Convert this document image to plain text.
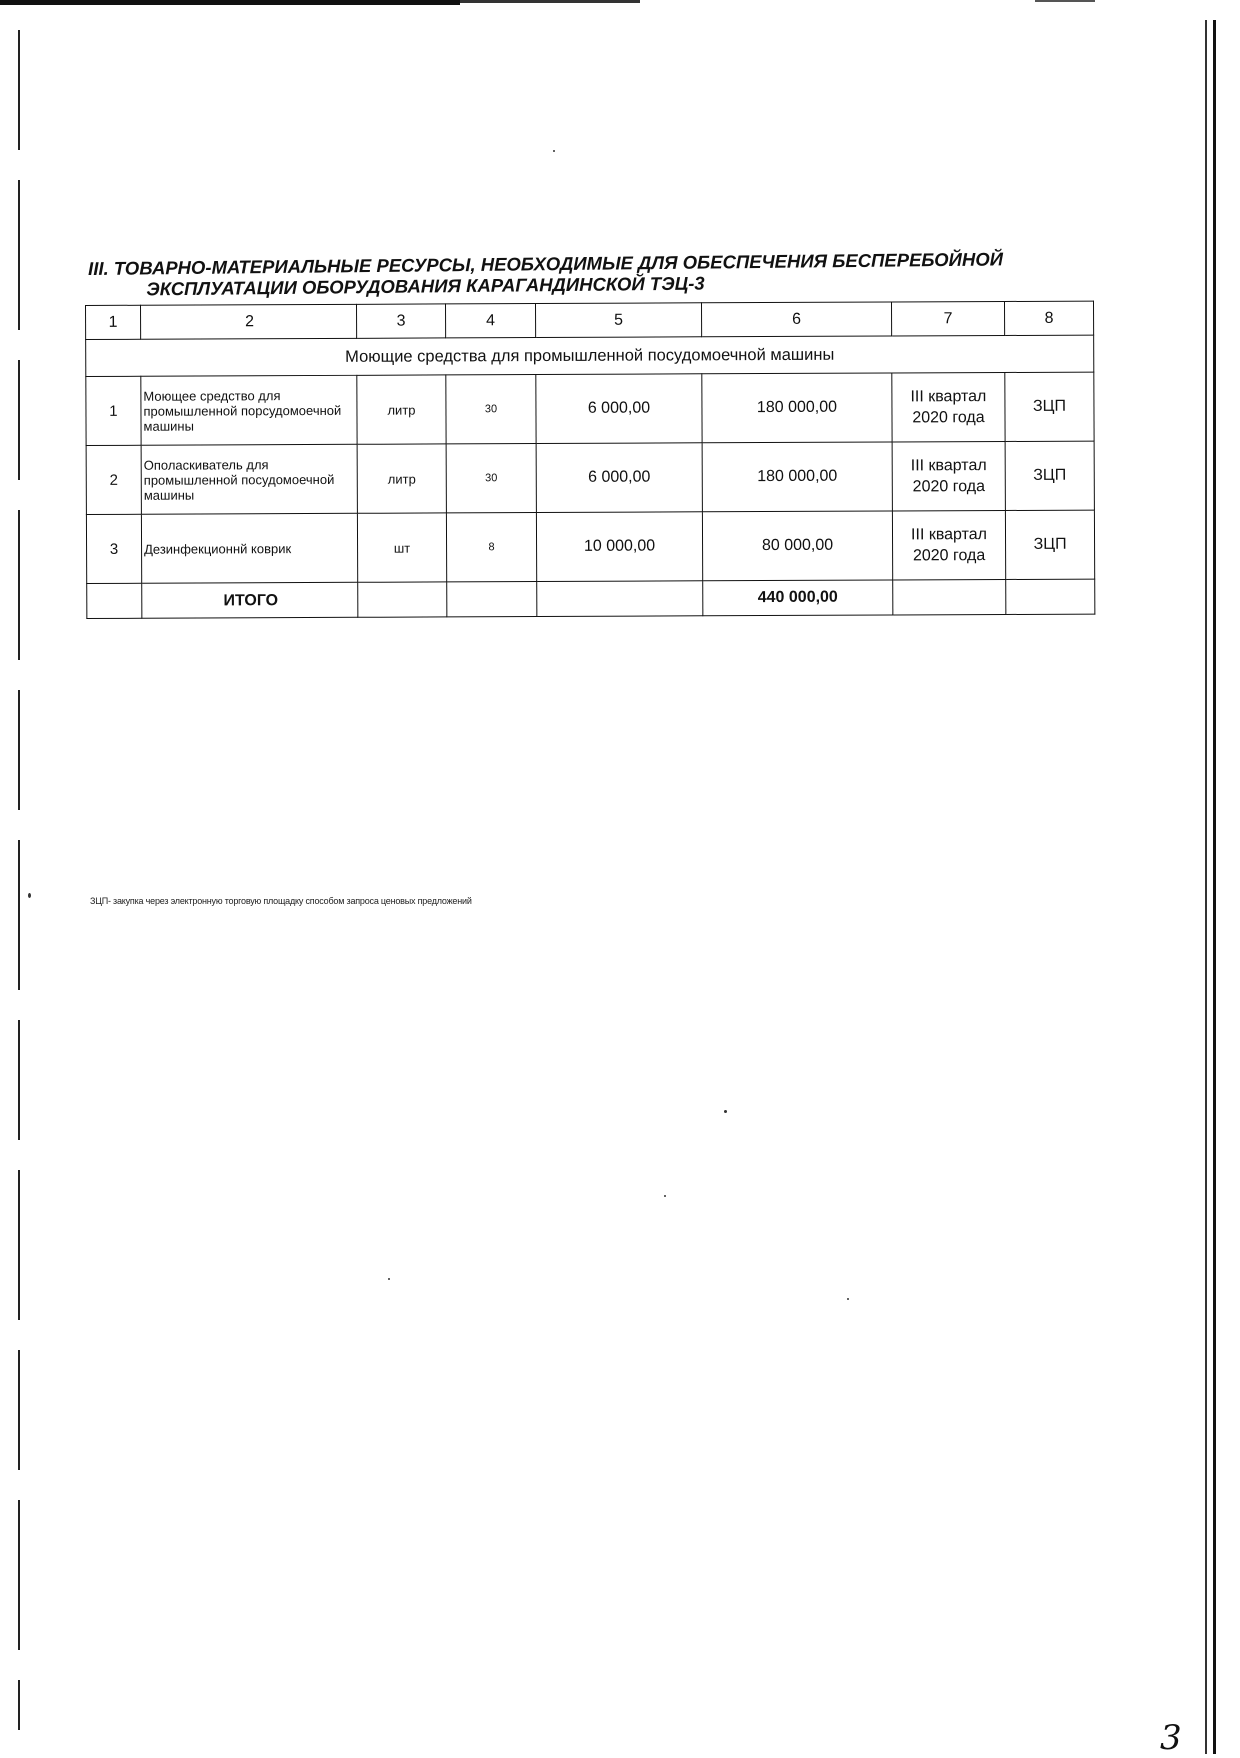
III. ТОВАРНО-МАТЕРИАЛЬНЫЕ РЕСУРСЫ, НЕОБХОДИМЫЕ ДЛЯ ОБЕСПЕЧЕНИЯ БЕСПЕРЕБОЙНОЙ
ЭКСПЛУАТАЦИИ ОБОРУДОВАНИЯ КАРАГАНДИНСКОЙ ТЭЦ-3
1	2	3	4	5	6	7	8
Моющие средства для промышленной посудомоечной машины							
1	Моющее средство для промышленной порсудомоечной машины	литр	30	6 000,00	180 000,00	III квартал 2020 года	ЗЦП
2	Ополаскиватель для промышленной посудомоечной машины	литр	30	6 000,00	180 000,00	III квартал 2020 года	ЗЦП
3	Дезинфекционнй коврик	шт	8	10 000,00	80 000,00	III квартал 2020 года	ЗЦП
	ИТОГО				440 000,00		
ЗЦП- закупка через электронную торговую площадку способом запроса ценовых предложений
3
